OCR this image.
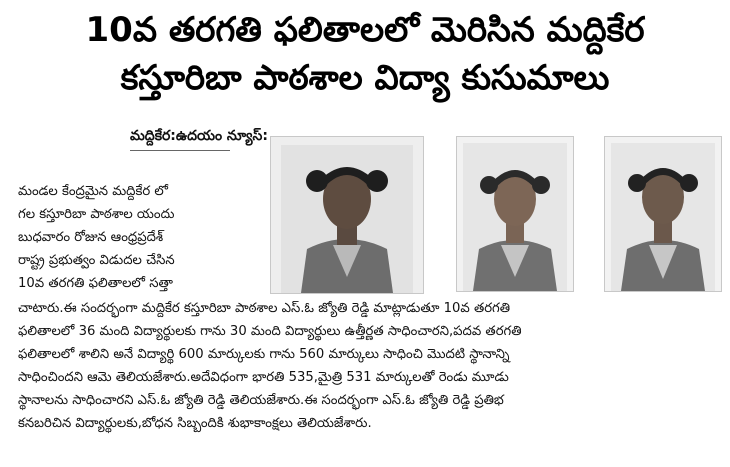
10వ తరగతి ఫలితాలలో మెరిసిన మద్దికేర
కస్తూరిబా పాఠశాల విద్యా కుసుమాలు
మద్దికేర:ఉదయం న్యూస్:
మండల కేంద్రమైన మద్దికేర లో
గల కస్తూరిబా పాఠశాల యందు
బుధవారం రోజున ఆంధ్రప్రదేశ్
రాష్ట్ర ప్రభుత్వం విడుదల చేసిన
10వ తరగతి ఫలితాలలో సత్తా
చాటారు.ఈ సందర్భంగా మద్దికేర కస్తూరిబా పాఠశాల ఎస్.ఓ జ్యోతి రెడ్డి మాట్లాడుతూ 10వ తరగతి
ఫలితాలలో 36 మంది విద్యార్థులకు గాను 30 మంది విద్యార్థులు ఉత్తీర్ణత సాధించారని,పదవ తరగతి
ఫలితాలలో శాలిని అనే విద్యార్థి 600 మార్కులకు గాను 560 మార్కులు సాధించి మొదటి స్థానాన్ని
సాధించిందని ఆమె తెలియజేశారు.అదేవిధంగా భారతి 535,మైత్రి 531 మార్కులతో రెండు మూడు
స్థానాలను సాధించారని ఎస్.ఓ జ్యోతి రెడ్డి తెలియజేశారు.ఈ సందర్భంగా ఎస్.ఓ జ్యోతి రెడ్డి ప్రతిభ
కనబరిచిన విద్యార్థులకు,బోధన సిబ్బందికి శుభాకాంక్షలు తెలియజేశారు.
